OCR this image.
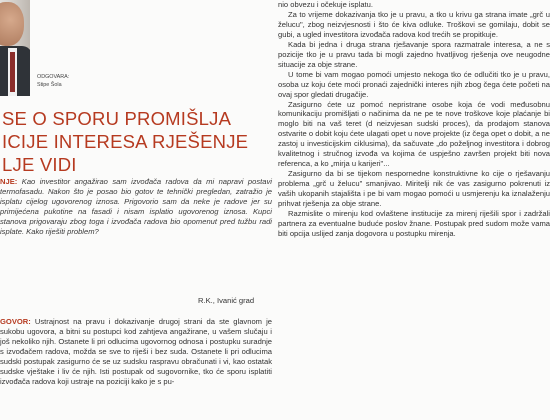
ODGOVARA:
Stipe Šola
SE O SPORU PROMIŠLJA
ICIJE INTERESA RJEŠENJE
LJE VIDI

NJE: Kao investitor angažirao sam izvođača radova da mi napravi postavi termofasadu. Nakon što je posao bio gotov te tehnički pregledan, zatražio je isplatu cijelog ugovorenog iznosa. Prigovorio sam da neke je radove jer su primijećena pukotine na fasadi i nisam isplatio ugovorenog iznosa. Kupci stanova prigovaraju zbog toga i izvođača radova bio opomenut pred tužbu radi isplate. Kako riješiti problem?

R.K., Ivanić grad

GOVOR: Ustrajnost na pravu i dokazivanje drugoj strani da ste glavnom je sukobu ugovora, a bitni su postupci kod zahtjeva angažirane, u vašem slučaju i još nekoliko njih. Ostanete li pri odlucima ugovornog odnosa i postupku suradnje s izvođačem radova, možda se sve to riješi i bez suda. Ostanete li pri odlucima sudski postupak zasigurno će se uz sudsku raspravu obračunati i vi, kao ostatak sudske vještake i liv će njih. Isti postupak od sugovornike, tko će sporu isplatiti izvođača radova koji ustraje na poziciji kako je s pu-

nio obvezu i očekuje isplatu.

Za to vrijeme dokazivanja tko je u pravu, a tko u krivu ga strana imate „grč u želucu", zbog neizvjesnosti i što će kiva odluke. Troškovi se gomilaju, dobit se gubi, a ugled investitora izvođača radova kod trećih se propitkuje.

Kada bi jedna i druga strana rješavanje spora razmatrale interesa, a ne s pozicije tko je u pravu tada bi mogli zajedno hvatljivog rješenja ove neugodne situacije za obje strane.

U tome bi vam mogao pomoći umjesto nekoga tko će odlučiti tko je u pravu, osoba uz koju ćete moći pronaći zajednički interes njih zbog čega ćete početi na ovaj spor gledati drugačije.

Zasigurno ćete uz pomoć nepristrane osobe koja će vodi međusobnu komunikaciju promišljati o načinima da ne pe te nove troškove koje plaćanje bi moglo biti na vaš teret (d neizvjesan sudski proces), da prodajom stanova ostvarite o dobit koju ćete ulagati opet u nove projekte (iz čega opet o dobit, a ne zastoj u investicijskim ciklusima), da sačuvate „do poželjnog investitora i dobrog kvalitetnog i stručnog izvođa va kojima će uspješno završen projekt biti nova referenca, a ko „mirja u karijeri"...

Zasigurno da bi se tijekom nespornedne konstruktivne ko cije o rješavanju problema „grč u želucu" smanjivao. Miritelji nik će vas zasigurno pokrenuti iz vaših ukopanih stajališta i pe bi vam mogao pomoći u usmjerenju ka iznalaženju prihvat rješenja za obje strane.

Razmislite o mirenju kod ovlaštene institucije za mirenj riješili spor i zadržali partnera za eventualne buduće poslov žnane. Postupak pred sudom može vama biti opcija uslijed zanja dogovora u postupku mirenja.
